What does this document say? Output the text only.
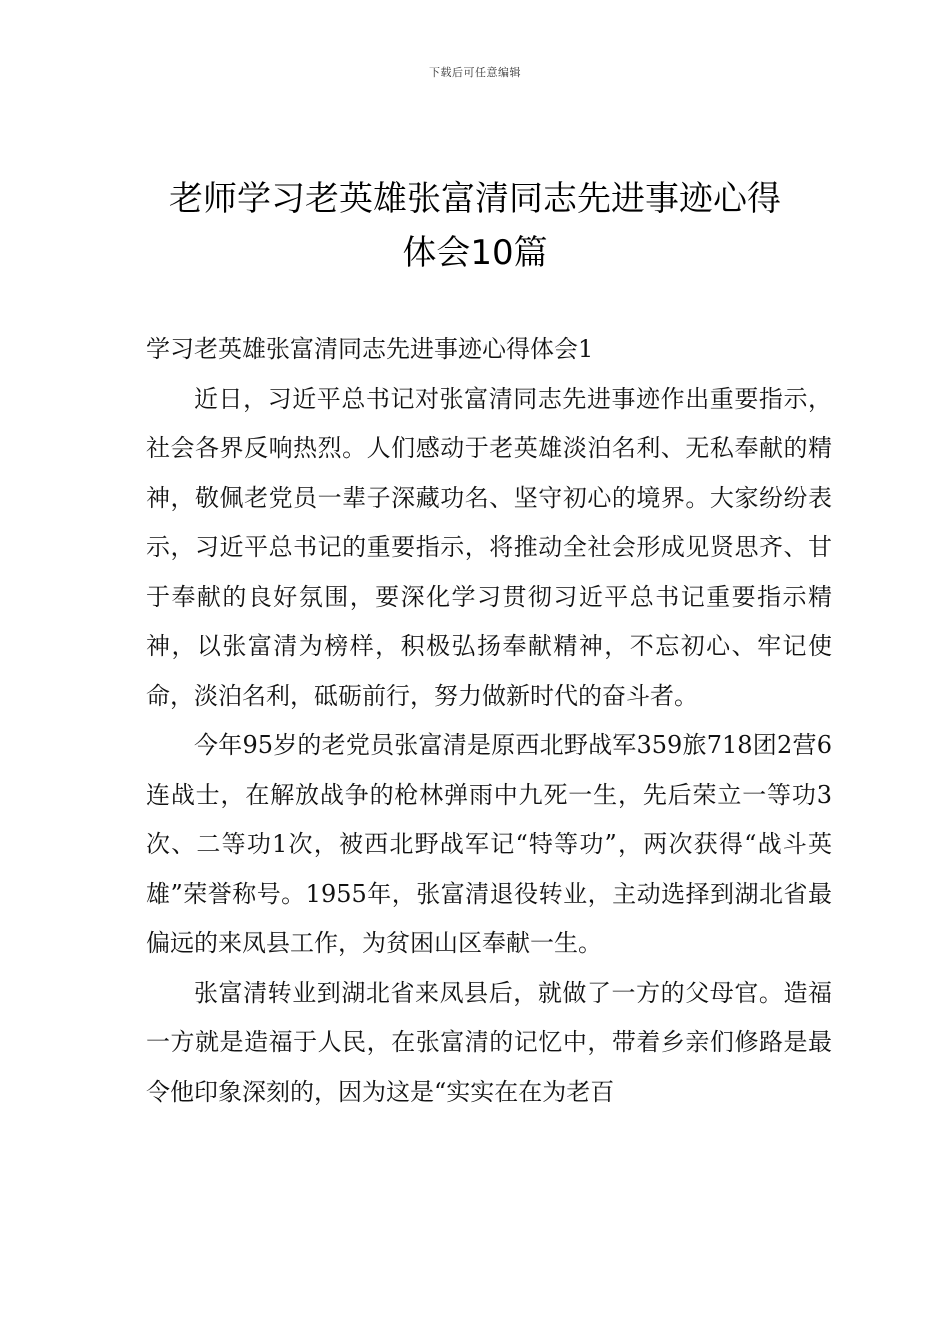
下载后可任意编辑
老师学习老英雄张富清同志先进事迹心得
体会10篇
学习老英雄张富清同志先进事迹心得体会1

近日，习近平总书记对张富清同志先进事迹作出重要指示，社会各界反响热烈。人们感动于老英雄淡泊名利、无私奉献的精神，敬佩老党员一辈子深藏功名、坚守初心的境界。大家纷纷表示，习近平总书记的重要指示，将推动全社会形成见贤思齐、甘于奉献的良好氛围，要深化学习贯彻习近平总书记重要指示精神，以张富清为榜样，积极弘扬奉献精神，不忘初心、牢记使命，淡泊名利，砥砺前行，努力做新时代的奋斗者。

今年95岁的老党员张富清是原西北野战军359旅718团2营6连战士，在解放战争的枪林弹雨中九死一生，先后荣立一等功3次、二等功1次，被西北野战军记“特等功”，两次获得“战斗英雄”荣誉称号。1955年，张富清退役转业，主动选择到湖北省最偏远的来凤县工作，为贫困山区奉献一生。

张富清转业到湖北省来凤县后，就做了一方的父母官。造福一方就是造福于人民，在张富清的记忆中，带着乡亲们修路是最令他印象深刻的，因为这是“实实在在为老百
